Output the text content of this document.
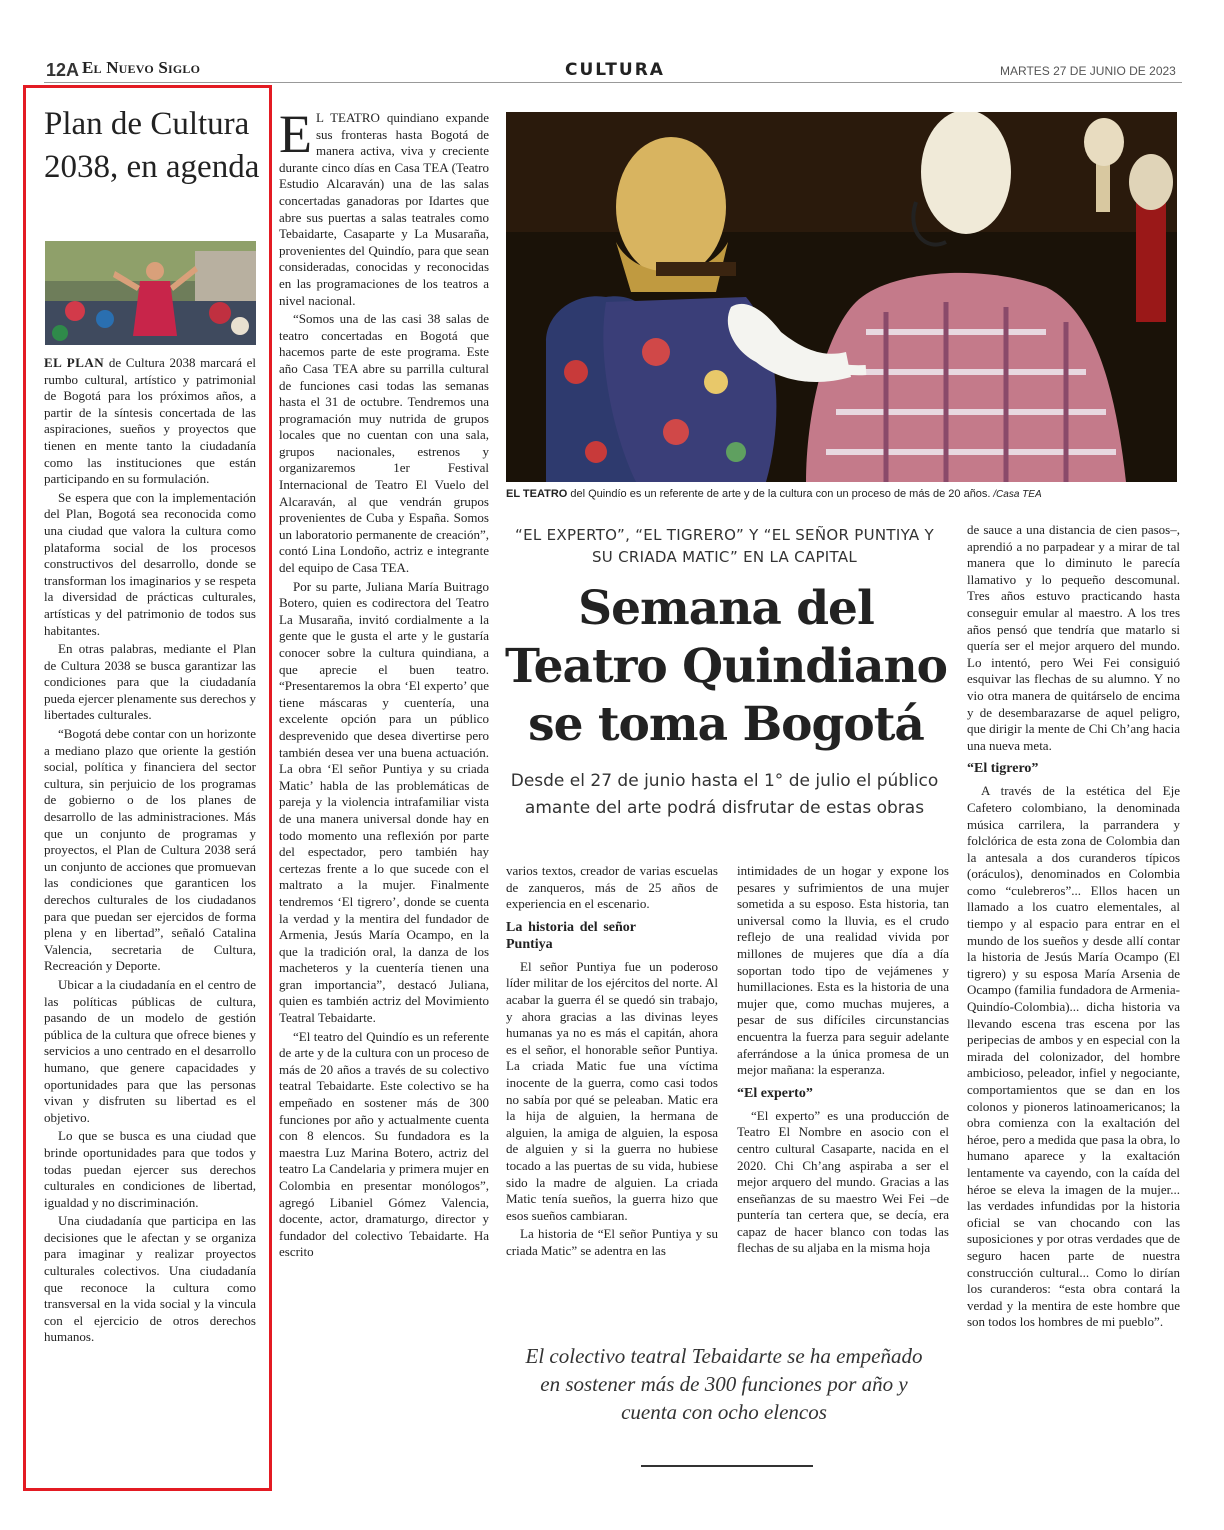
12A El Nuevo Siglo	CULTURA	MARTES 27 DE JUNIO DE 2023
Plan de Cultura 2038, en agenda

EL PLAN de Cultura 2038 marcará el rumbo cultural, artístico y patrimonial de Bogotá para los próximos años, a partir de la síntesis concertada de las aspiraciones, sueños y proyectos que tienen en mente tanto la ciudadanía como las instituciones que están participando en su formulación.

Se espera que con la implementación del Plan, Bogotá sea reconocida como una ciudad que valora la cultura como plataforma social de los procesos constructivos del desarrollo, donde se transforman los imaginarios y se respeta la diversidad de prácticas culturales, artísticas y del patrimonio de todos sus habitantes.

En otras palabras, mediante el Plan de Cultura 2038 se busca garantizar las condiciones para que la ciudadanía pueda ejercer plenamente sus derechos y libertades culturales.

“Bogotá debe contar con un horizonte a mediano plazo que oriente la gestión social, política y financiera del sector cultura, sin perjuicio de los programas de gobierno o de los planes de desarrollo de las administraciones. Más que un conjunto de programas y proyectos, el Plan de Cultura 2038 será un conjunto de acciones que promuevan las condiciones que garanticen los derechos culturales de los ciudadanos para que puedan ser ejercidos de forma plena y en libertad”, señaló Catalina Valencia, secretaria de Cultura, Recreación y Deporte.

Ubicar a la ciudadanía en el centro de las políticas públicas de cultura, pasando de un modelo de gestión pública de la cultura que ofrece bienes y servicios a uno centrado en el desarrollo humano, que genere capacidades y oportunidades para que las personas vivan y disfruten su libertad es el objetivo.

Lo que se busca es una ciudad que brinde oportunidades para que todos y todas puedan ejercer sus derechos culturales en condiciones de libertad, igualdad y no discriminación.

Una ciudadanía que participa en las decisiones que le afectan y se organiza para imaginar y realizar proyectos culturales colectivos. Una ciudadanía que reconoce la cultura como transversal en la vida social y la vincula con el ejercicio de otros derechos humanos.

E L TEATRO quindiano expande sus fronteras hasta Bogotá de manera activa, viva y creciente durante cinco días en Casa TEA (Teatro Estudio Alcaraván) una de las salas concertadas ganadoras por Idartes que abre sus puertas a salas teatrales como Tebaidarte, Casaparte y La Musaraña, provenientes del Quindío, para que sean consideradas, conocidas y reconocidas en las programaciones de los teatros a nivel nacional.

“Somos una de las casi 38 salas de teatro concertadas en Bogotá que hacemos parte de este programa. Este año Casa TEA abre su parrilla cultural de funciones casi todas las semanas hasta el 31 de octubre. Tendremos una programación muy nutrida de grupos locales que no cuentan con una sala, grupos nacionales, estrenos y organizaremos 1er Festival Internacional de Teatro El Vuelo del Alcaraván, al que vendrán grupos provenientes de Cuba y España. Somos un laboratorio permanente de creación”, contó Lina Londoño, actriz e integrante del equipo de Casa TEA.

Por su parte, Juliana María Buitrago Botero, quien es codirectora del Teatro La Musaraña, invitó cordialmente a la gente que le gusta el arte y le gustaría conocer sobre la cultura quindiana, a que aprecie el buen teatro. “Presentaremos la obra ‘El experto’ que tiene máscaras y cuentería, una excelente opción para un público desprevenido que desea divertirse pero también desea ver una buena actuación. La obra ‘El señor Puntiya y su criada Matic’ habla de las problemáticas de pareja y la violencia intrafamiliar vista de una manera universal donde hay en todo momento una reflexión por parte del espectador, pero también hay certezas frente a lo que sucede con el maltrato a la mujer. Finalmente tendremos ‘El tigrero’, donde se cuenta la verdad y la mentira del fundador de Armenia, Jesús María Ocampo, en la que la tradición oral, la danza de los macheteros y la cuentería tienen una gran importancia”, destacó Juliana, quien es también actriz del Movimiento Teatral Tebaidarte.

“El teatro del Quindío es un referente de arte y de la cultura con un proceso de más de 20 años a través de su colectivo teatral Tebaidarte. Este colectivo se ha empeñado en sostener más de 300 funciones por año y actualmente cuenta con 8 elencos. Su fundadora es la maestra Luz Marina Botero, actriz del teatro La Candelaria y primera mujer en Colombia en presentar monólogos”, agregó Libaniel Gómez Valencia, docente, actor, dramaturgo, director y fundador del colectivo Tebaidarte. Ha escrito

EL TEATRO del Quindío es un referente de arte y de la cultura con un proceso de más de 20 años. /Casa TEA
“EL EXPERTO”, “EL TIGRERO” Y “EL SEÑOR PUNTIYA Y SU CRIADA MATIC” EN LA CAPITAL
Semana del Teatro Quindiano se toma Bogotá
Desde el 27 de junio hasta el 1° de julio el público amante del arte podrá disfrutar de estas obras

varios textos, creador de varias escuelas de zanqueros, más de 25 años de experiencia en el escenario.

La historia del señor Puntiya

El señor Puntiya fue un poderoso líder militar de los ejércitos del norte. Al acabar la guerra él se quedó sin trabajo, y ahora gracias a las divinas leyes humanas ya no es más el capitán, ahora es el señor, el honorable señor Puntiya. La criada Matic fue una víctima inocente de la guerra, como casi todos no sabía por qué se peleaban. Matic era la hija de alguien, la hermana de alguien, la amiga de alguien, la esposa de alguien y si la guerra no hubiese tocado a las puertas de su vida, hubiese sido la madre de alguien. La criada Matic tenía sueños, la guerra hizo que esos sueños cambiaran.

La historia de “El señor Puntiya y su criada Matic” se adentra en las

intimidades de un hogar y expone los pesares y sufrimientos de una mujer sometida a su esposo. Esta historia, tan universal como la lluvia, es el crudo reflejo de una realidad vivida por millones de mujeres que día a día soportan todo tipo de vejámenes y humillaciones. Esta es la historia de una mujer que, como muchas mujeres, a pesar de sus difíciles circunstancias encuentra la fuerza para seguir adelante aferrándose a la única promesa de un mejor mañana: la esperanza.

“El experto”

“El experto” es una producción de Teatro El Nombre en asocio con el centro cultural Casaparte, nacida en el 2020. Chi Ch’ang aspiraba a ser el mejor arquero del mundo. Gracias a las enseñanzas de su maestro Wei Fei –de puntería tan certera que, se decía, era capaz de hacer blanco con todas las flechas de su aljaba en la misma hoja

El colectivo teatral Tebaidarte se ha empeñado en sostener más de 300 funciones por año y cuenta con ocho elencos

de sauce a una distancia de cien pasos–, aprendió a no parpadear y a mirar de tal manera que lo diminuto le parecía llamativo y lo pequeño descomunal. Tres años estuvo practicando hasta conseguir emular al maestro. A los tres años pensó que tendría que matarlo si quería ser el mejor arquero del mundo. Lo intentó, pero Wei Fei consiguió esquivar las flechas de su alumno. Y no vio otra manera de quitárselo de encima y de desembarazarse de aquel peligro, que dirigir la mente de Chi Ch’ang hacia una nueva meta.

“El tigrero”

A través de la estética del Eje Cafetero colombiano, la denominada música carrilera, la parrandera y folclórica de esta zona de Colombia dan la antesala a dos curanderos típicos (oráculos), denominados en Colombia como “culebreros”... Ellos hacen un llamado a los cuatro elementales, al tiempo y al espacio para entrar en el mundo de los sueños y desde allí contar la historia de Jesús María Ocampo (El tigrero) y su esposa María Arsenia de Ocampo (familia fundadora de Armenia-Quindío-Colombia)... dicha historia va llevando escena tras escena por las peripecias de ambos y en especial con la mirada del colonizador, del hombre ambicioso, peleador, infiel y negociante, comportamientos que se dan en los colonos y pioneros latinoamericanos; la obra comienza con la exaltación del héroe, pero a medida que pasa la obra, lo humano aparece y la exaltación lentamente va cayendo, con la caída del héroe se eleva la imagen de la mujer... las verdades infundidas por la historia oficial se van chocando con las suposiciones y por otras verdades que de seguro hacen parte de nuestra construcción cultural... Como lo dirían los curanderos: “esta obra contará la verdad y la mentira de este hombre que son todos los hombres de mi pueblo”.
